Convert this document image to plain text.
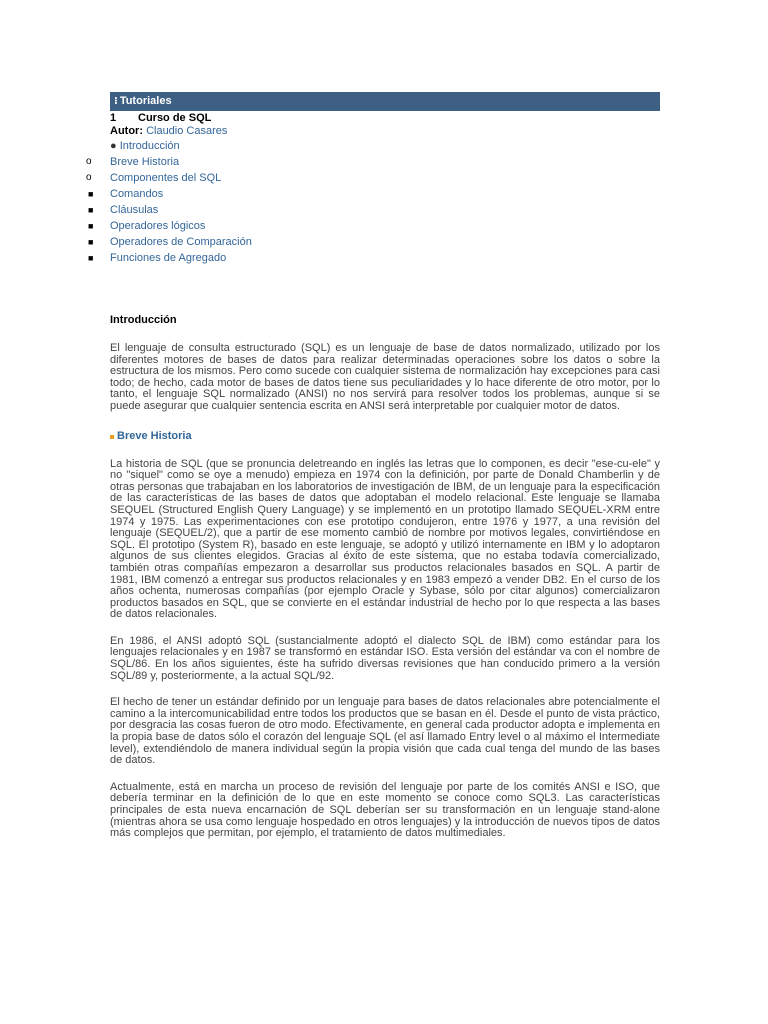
⁝ Tutoriales
1 Curso de SQL
Autor: Claudio Casares
● Introducción
o Breve Historia
o Componentes del SQL
■ Comandos
■ Cláusulas
■ Operadores lógicos
■ Operadores de Comparación
■ Funciones de Agregado
Introducción

El lenguaje de consulta estructurado (SQL) es un lenguaje de base de datos normalizado, utilizado por los diferentes motores de bases de datos para realizar determinadas operaciones sobre los datos o sobre la estructura de los mismos. Pero como sucede con cualquier sistema de normalización hay excepciones para casi todo; de hecho, cada motor de bases de datos tiene sus peculiaridades y lo hace diferente de otro motor, por lo tanto, el lenguaje SQL normalizado (ANSI) no nos servirá para resolver todos los problemas, aunque si se puede asegurar que cualquier sentencia escrita en ANSI será interpretable por cualquier motor de datos.

Breve Historia

La historia de SQL (que se pronuncia deletreando en inglés las letras que lo componen, es decir "ese-cu-ele" y no "siquel" como se oye a menudo) empieza en 1974 con la definición, por parte de Donald Chamberlin y de otras personas que trabajaban en los laboratorios de investigación de IBM, de un lenguaje para la especificación de las características de las bases de datos que adoptaban el modelo relacional. Este lenguaje se llamaba SEQUEL (Structured English Query Language) y se implementó en un prototipo llamado SEQUEL-XRM entre 1974 y 1975. Las experimentaciones con ese prototipo condujeron, entre 1976 y 1977, a una revisión del lenguaje (SEQUEL/2), que a partir de ese momento cambió de nombre por motivos legales, convirtiéndose en SQL. El prototipo (System R), basado en este lenguaje, se adoptó y utilizó internamente en IBM y lo adoptaron algunos de sus clientes elegidos. Gracias al éxito de este sistema, que no estaba todavía comercializado, también otras compañías empezaron a desarrollar sus productos relacionales basados en SQL. A partir de 1981, IBM comenzó a entregar sus productos relacionales y en 1983 empezó a vender DB2. En el curso de los años ochenta, numerosas compañías (por ejemplo Oracle y Sybase, sólo por citar algunos) comercializaron productos basados en SQL, que se convierte en el estándar industrial de hecho por lo que respecta a las bases de datos relacionales.

En 1986, el ANSI adoptó SQL (sustancialmente adoptó el dialecto SQL de IBM) como estándar para los lenguajes relacionales y en 1987 se transformó en estándar ISO. Esta versión del estándar va con el nombre de SQL/86. En los años siguientes, éste ha sufrido diversas revisiones que han conducido primero a la versión SQL/89 y, posteriormente, a la actual SQL/92.

El hecho de tener un estándar definido por un lenguaje para bases de datos relacionales abre potencialmente el camino a la intercomunicabilidad entre todos los productos que se basan en él. Desde el punto de vista práctico, por desgracia las cosas fueron de otro modo. Efectivamente, en general cada productor adopta e implementa en la propia base de datos sólo el corazón del lenguaje SQL (el así llamado Entry level o al máximo el Intermediate level), extendiéndolo de manera individual según la propia visión que cada cual tenga del mundo de las bases de datos.

Actualmente, está en marcha un proceso de revisión del lenguaje por parte de los comités ANSI e ISO, que debería terminar en la definición de lo que en este momento se conoce como SQL3. Las características principales de esta nueva encarnación de SQL deberían ser su transformación en un lenguaje stand-alone (mientras ahora se usa como lenguaje hospedado en otros lenguajes) y la introducción de nuevos tipos de datos más complejos que permitan, por ejemplo, el tratamiento de datos multimediales.
